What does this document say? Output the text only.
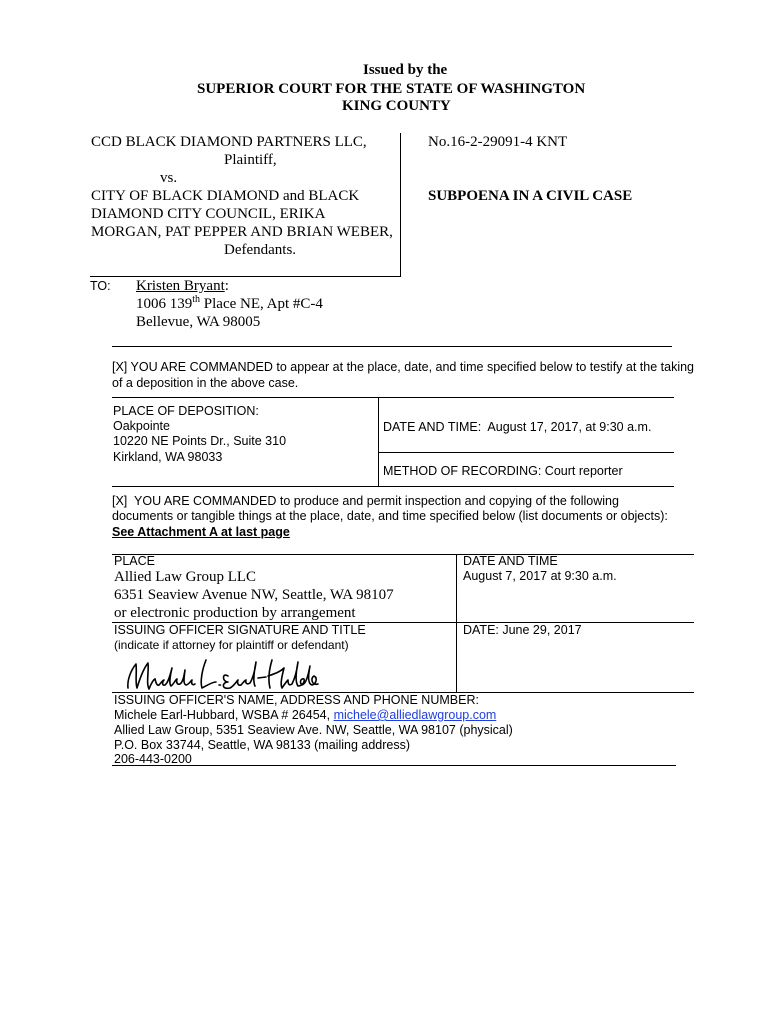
Issued by the
SUPERIOR COURT FOR THE STATE OF WASHINGTON
KING COUNTY
CCD BLACK DIAMOND PARTNERS LLC,
Plaintiff,
vs.
CITY OF BLACK DIAMOND and BLACK
DIAMOND CITY COUNCIL, ERIKA
MORGAN, PAT PEPPER AND BRIAN WEBER,
Defendants.
No.16-2-29091-4 KNT
SUBPOENA IN A CIVIL CASE
TO: Kristen Bryant:
1006 139th Place NE, Apt #C-4
Bellevue, WA 98005
[X] YOU ARE COMMANDED to appear at the place, date, and time specified below to testify at the taking
of a deposition in the above case.
PLACE OF DEPOSITION:
Oakpointe
10220 NE Points Dr., Suite 310
Kirkland, WA 98033
DATE AND TIME:  August 17, 2017, at 9:30 a.m.
METHOD OF RECORDING: Court reporter
[X]  YOU ARE COMMANDED to produce and permit inspection and copying of the following
documents or tangible things at the place, date, and time specified below (list documents or objects):
See Attachment A at last page
PLACE
Allied Law Group LLC
6351 Seaview Avenue NW, Seattle, WA 98107
or electronic production by arrangement
DATE AND TIME
August 7, 2017 at 9:30 a.m.
ISSUING OFFICER SIGNATURE AND TITLE
(indicate if attorney for plaintiff or defendant)
DATE: June 29, 2017
ISSUING OFFICER'S NAME, ADDRESS AND PHONE NUMBER:
Michele Earl-Hubbard, WSBA # 26454, michele@alliedlawgroup.com
Allied Law Group, 5351 Seaview Ave. NW, Seattle, WA 98107 (physical)
P.O. Box 33744, Seattle, WA 98133 (mailing address)
206-443-0200
